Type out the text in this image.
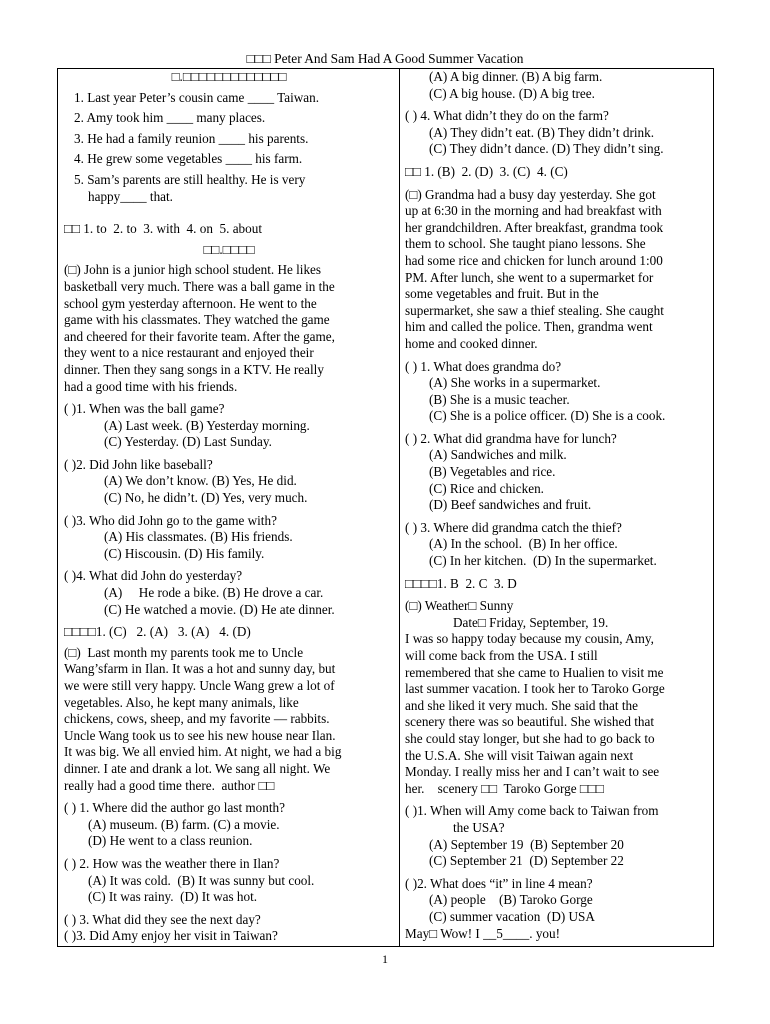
□□□ Peter And Sam Had A Good Summer Vacation
□.□□□□□□□□□□□□□
1. Last year Peter’s cousin came ____ Taiwan.
2. Amy took him ____ many places.
3. He had a family reunion ____ his parents.
4. He grew some vegetables ____ his farm.
5. Sam’s parents are still healthy. He is very
happy____ that.
□□ 1. to  2. to  3. with  4. on  5. about
□□.□□□□
(□) John is a junior high school student. He likes
basketball very much. There was a ball game in the
school gym yesterday afternoon. He went to the
game with his classmates. They watched the game
and cheered for their favorite team. After the game,
they went to a nice restaurant and enjoyed their
dinner. Then they sang songs in a KTV. He really
had a good time with his friends.
( )1. When was the ball game?
(A) Last week. (B) Yesterday morning.
(C) Yesterday. (D) Last Sunday.
( )2. Did John like baseball?
(A) We don’t know. (B) Yes, He did.
(C) No, he didn’t. (D) Yes, very much.
( )3. Who did John go to the game with?
(A) His classmates. (B) His friends.
(C) Hiscousin. (D) His family.
( )4. What did John do yesterday?
(A)     He rode a bike. (B) He drove a car.
(C) He watched a movie. (D) He ate dinner.
□□□□1. (C)   2. (A)   3. (A)   4. (D)
(□)  Last month my parents took me to Uncle
Wang’sfarm in Ilan. It was a hot and sunny day, but
we were still very happy. Uncle Wang grew a lot of
vegetables. Also, he kept many animals, like
chickens, cows, sheep, and my favorite — rabbits.
Uncle Wang took us to see his new house near Ilan.
It was big. We all envied him. At night, we had a big
dinner. I ate and drank a lot. We sang all night. We
really had a good time there.  author □□
( ) 1. Where did the author go last month?
(A) museum. (B) farm. (C) a movie.
(D) He went to a class reunion.
( ) 2. How was the weather there in Ilan?
(A) It was cold.  (B) It was sunny but cool.
(C) It was rainy.  (D) It was hot.
( ) 3. What did they see the next day?
( )3. Did Amy enjoy her visit in Taiwan?
(A) A big dinner. (B) A big farm.
(C) A big house. (D) A big tree.
( ) 4. What didn’t they do on the farm?
(A) They didn’t eat. (B) They didn’t drink.
(C) They didn’t dance. (D) They didn’t sing.
□□ 1. (B)  2. (D)  3. (C)  4. (C)
(□) Grandma had a busy day yesterday. She got
up at 6:30 in the morning and had breakfast with
her grandchildren. After breakfast, grandma took
them to school. She taught piano lessons. She
had some rice and chicken for lunch around 1:00
PM. After lunch, she went to a supermarket for
some vegetables and fruit. But in the
supermarket, she saw a thief stealing. She caught
him and called the police. Then, grandma went
home and cooked dinner.
( ) 1. What does grandma do?
(A) She works in a supermarket.
(B) She is a music teacher.
(C) She is a police officer. (D) She is a cook.
( ) 2. What did grandma have for lunch?
(A) Sandwiches and milk.
(B) Vegetables and rice.
(C) Rice and chicken.
(D) Beef sandwiches and fruit.
( ) 3. Where did grandma catch the thief?
(A) In the school.  (B) In her office.
(C) In her kitchen.  (D) In the supermarket.
□□□□1. B  2. C  3. D
(□) Weather□ Sunny
Date□ Friday, September, 19.
I was so happy today because my cousin, Amy,
will come back from the USA. I still
remembered that she came to Hualien to visit me
last summer vacation. I took her to Taroko Gorge
and she liked it very much. She said that the
scenery there was so beautiful. She wished that
she could stay longer, but she had to go back to
the U.S.A. She will visit Taiwan again next
Monday. I really miss her and I can’t wait to see
her.    scenery □□  Taroko Gorge □□□
( )1. When will Amy come back to Taiwan from
the USA?
(A) September 19  (B) September 20
(C) September 21  (D) September 22
( )2. What does “it” in line 4 mean?
(A) people    (B) Taroko Gorge
(C) summer vacation  (D) USA
May□ Wow! I __5____. you!
1
